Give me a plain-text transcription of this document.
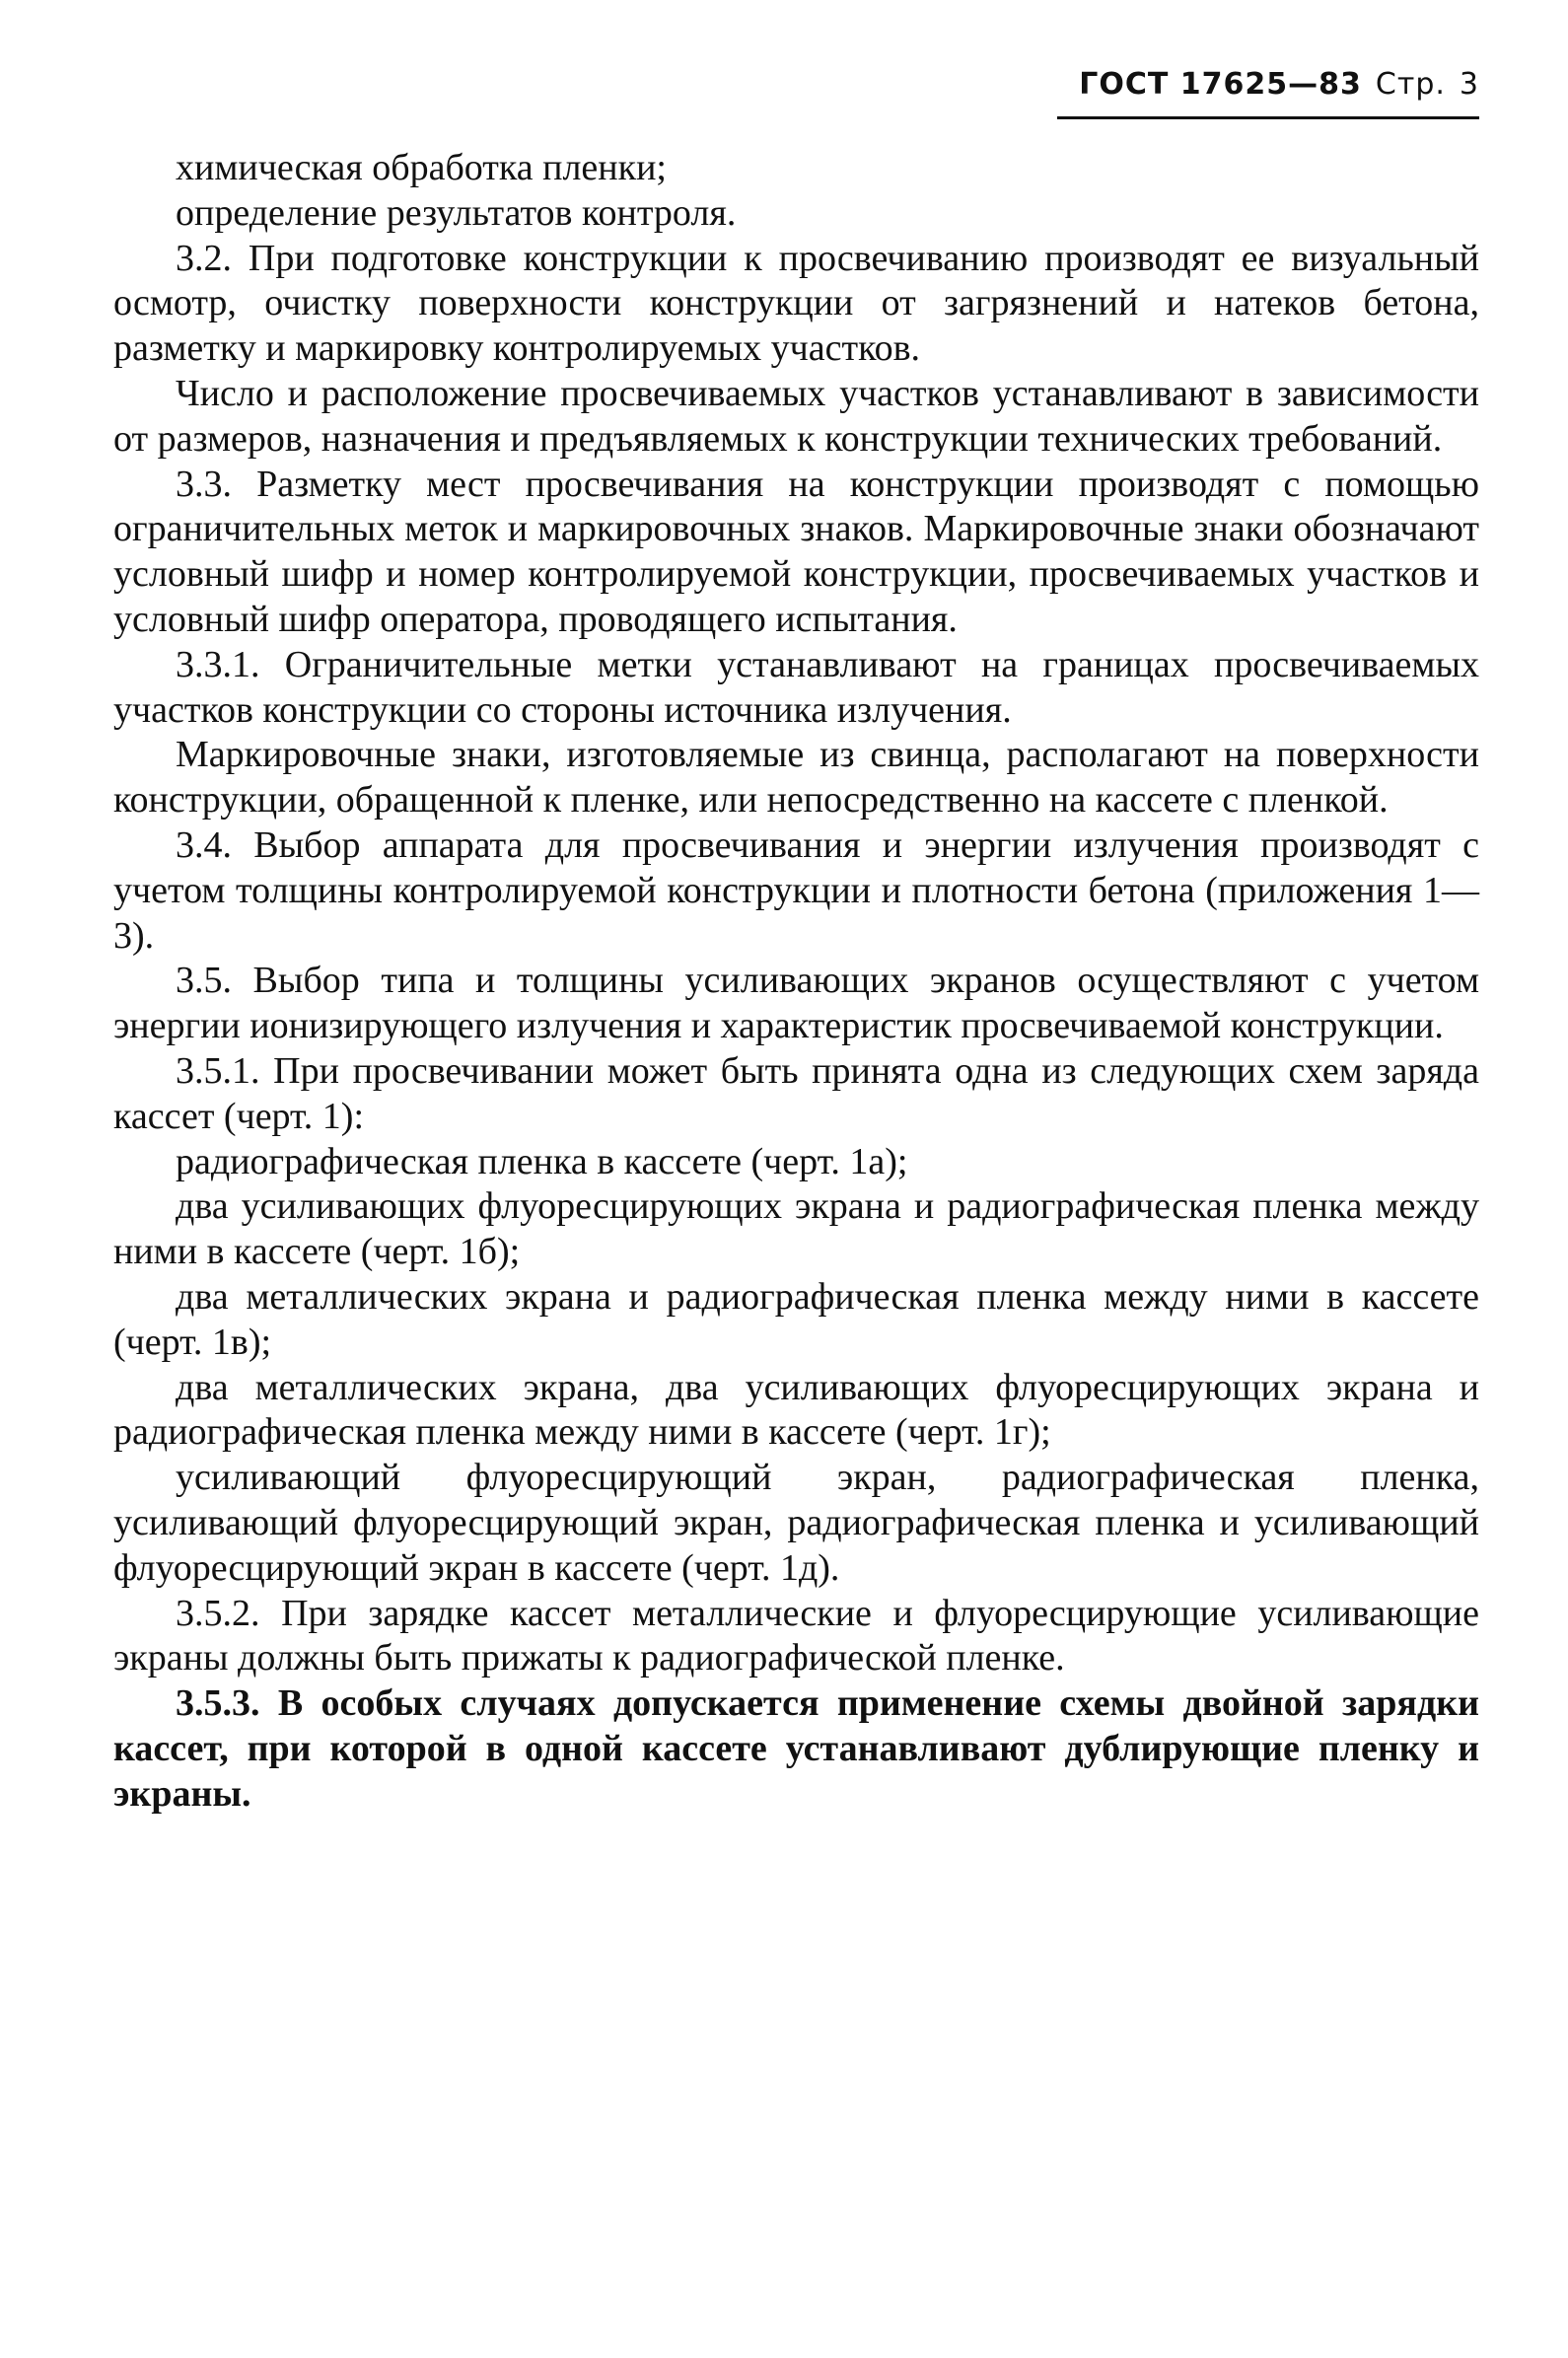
ГОСТ 17625—83 Стр. 3

химическая обработка пленки;

определение результатов контроля.

3.2. При подготовке конструкции к просвечиванию производят ее визуальный осмотр, очистку поверхности конструкции от загрязнений и натеков бетона, разметку и маркировку контролируемых участков.

Число и расположение просвечиваемых участков устанавливают в зависимости от размеров, назначения и предъявляемых к конструкции технических требований.

3.3. Разметку мест просвечивания на конструкции производят с помощью ограничительных меток и маркировочных знаков. Маркировочные знаки обозначают условный шифр и номер контролируемой конструкции, просвечиваемых участков и условный шифр оператора, проводящего испытания.

3.3.1. Ограничительные метки устанавливают на границах просвечиваемых участков конструкции со стороны источника излучения.

Маркировочные знаки, изготовляемые из свинца, располагают на поверхности конструкции, обращенной к пленке, или непосредственно на кассете с пленкой.

3.4. Выбор аппарата для просвечивания и энергии излучения производят с учетом толщины контролируемой конструкции и плотности бетона (приложения 1—3).

3.5. Выбор типа и толщины усиливающих экранов осуществляют с учетом энергии ионизирующего излучения и характеристик просвечиваемой конструкции.

3.5.1. При просвечивании может быть принята одна из следующих схем заряда кассет (черт. 1):

радиографическая пленка в кассете (черт. 1а);

два усиливающих флуоресцирующих экрана и радиографическая пленка между ними в кассете (черт. 1б);

два металлических экрана и радиографическая пленка между ними в кассете (черт. 1в);

два металлических экрана, два усиливающих флуоресцирующих экрана и радиографическая пленка между ними в кассете (черт. 1г);

усиливающий флуоресцирующий экран, радиографическая пленка, усиливающий флуоресцирующий экран, радиографическая пленка и усиливающий флуоресцирующий экран в кассете (черт. 1д).

3.5.2. При зарядке кассет металлические и флуоресцирующие усиливающие экраны должны быть прижаты к радиографической пленке.

3.5.3. В особых случаях допускается применение схемы двойной зарядки кассет, при которой в одной кассете устанавливают дублирующие пленку и экраны.
